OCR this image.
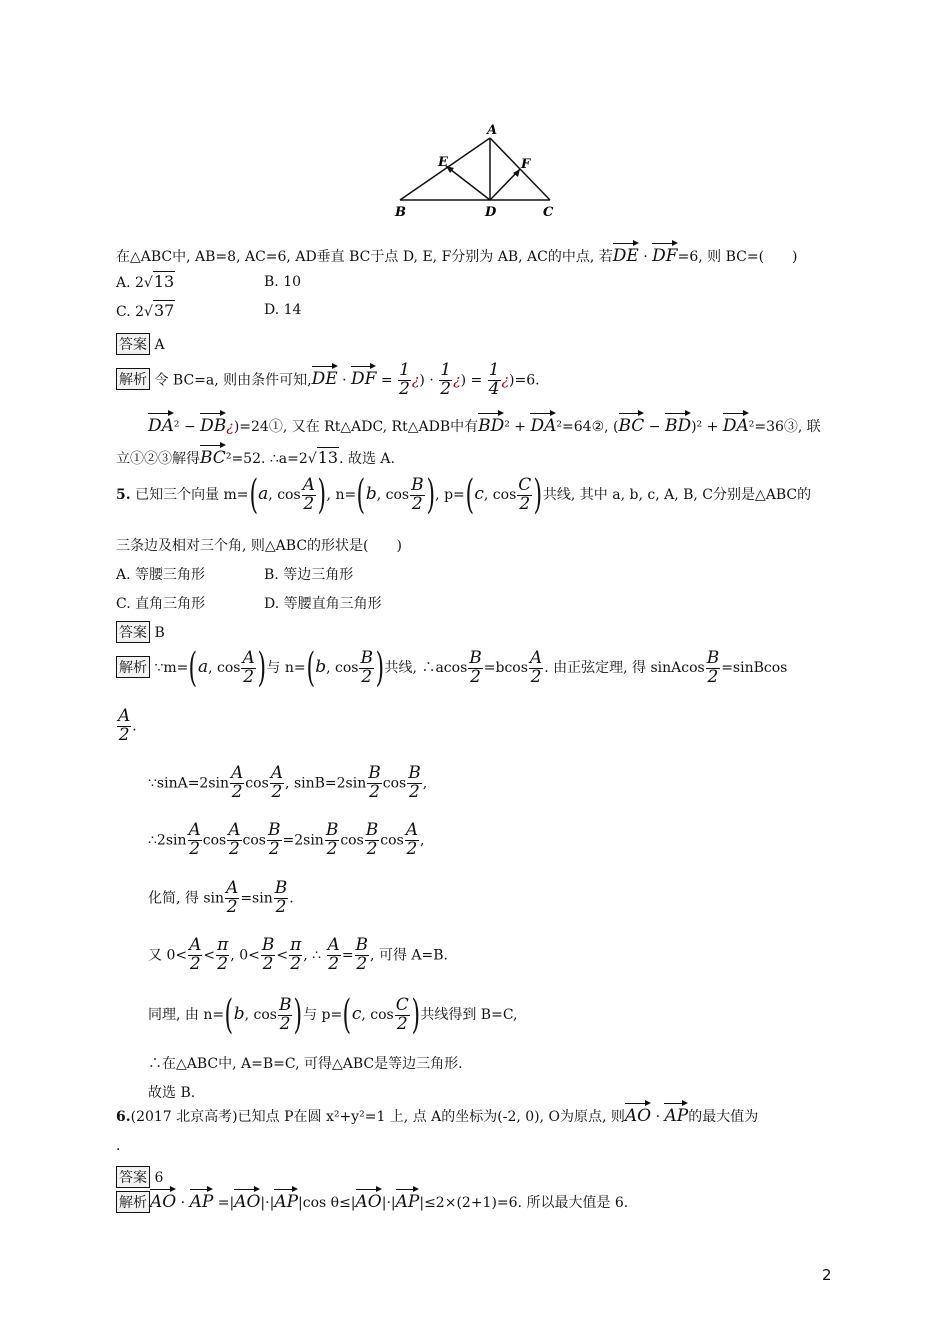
A
E	F
B	D	C
在△ABC中, AB=8, AC=6, AD垂直 BC于点 D, E, F分别为 AB, AC的中点, 若DE · DF=6, 则 BC=(　　)
A. 2√13	B. 10
C. 2√37	D. 14
答案 A
解析 令 BC=a, 则由条件可知,DE · DF = $\frac{1}{2}$ ¿) · $\frac{1}{2}$ ¿) = $\frac{1}{4}$ ¿)=6.
DA² − DB¿)=24①, 又在 Rt△ADC, Rt△ADB中有BD² + DA²=64②, (BC − BD)² + DA²=36③, 联
立①②③解得BC²=52. ∴a=2√13. 故选 A.
5. 已知三个向量 m=(a, $\cos \frac{A}{2}$ ), n=(b, $\cos \frac{B}{2}$ ), p=(c, $\cos \frac{C}{2}$ )共线, 其中 a, b, c, A, B, C分别是△ABC的
三条边及相对三个角, 则△ABC的形状是(　　)
A. 等腰三角形	B. 等边三角形
C. 直角三角形	D. 等腰直角三角形
答案 B
解析 ∵m=(a, $\cos \frac{A}{2}$ )与 n=(b, $\cos \frac{B}{2}$ )共线, ∴acos $\frac{B}{2} =bcos \frac{A}{2}$ . 由正弦定理, 得 sinAcos $\frac{B}{2}$ =sinBcos
$\frac{A}{2}$ .
∵sinA=2sin $\frac{A}{2}$ $\cos \frac{A}{2}$ , $\sin B=2\sin \frac{B}{2}$ $\cos \frac{B}{2}$ ,
∴2sin $\frac{A}{2}$ $\cos \frac{A}{2}$ $\cos \frac{B}{2} =2\sin \frac{B}{2}$ $\cos \frac{B}{2}$ $\cos \frac{A}{2}$ ,
化简, 得 $\sin \frac{A}{2} =\sin \frac{B}{2}$ .
又 $0< \frac{A}{2} < \frac{\pi}{2}$ , $0< \frac{B}{2} < \frac{\pi}{2}$ , ∴ $\frac{A}{2} = \frac{B}{2}$ , 可得 A=B.
同理, 由 n=(b, $\cos \frac{B}{2}$ )与 p=(c, $\cos \frac{C}{2}$ )共线得到 B=C,
∴在△ABC中, A=B=C, 可得△ABC是等边三角形.
故选 B.
6.(2017 北京高考)已知点 P在圆 x²+y²=1 上, 点 A的坐标为(-2, 0), O为原点, 则AO · AP的最大值为
.
答案 6
解析 AO · AP =|AO|·|AP|cos θ≤|AO|·|AP|≤2×(2+1)=6. 所以最大值是 6.
2
